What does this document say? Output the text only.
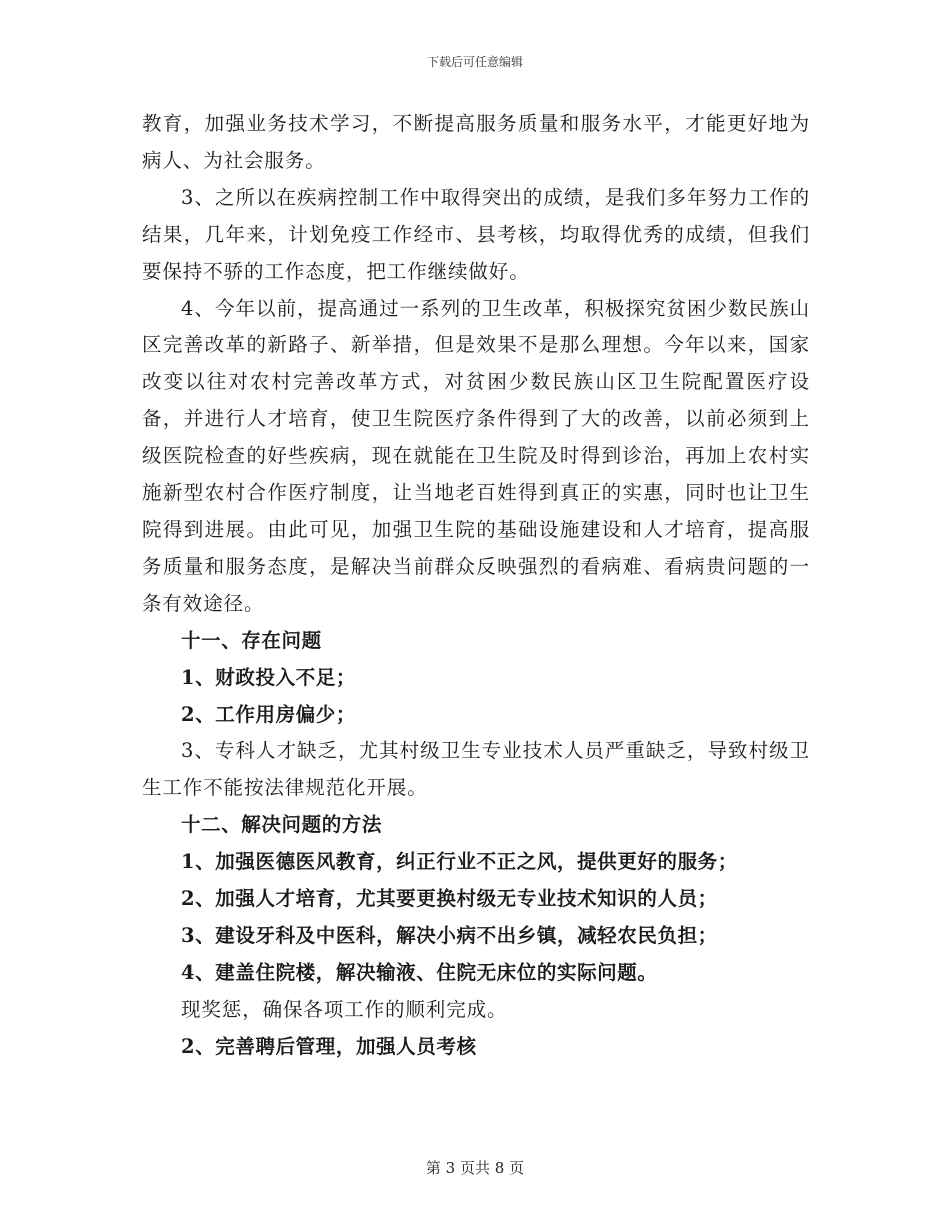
下载后可任意编辑

教育，加强业务技术学习，不断提高服务质量和服务水平，才能更好地为病人、为社会服务。

3、之所以在疾病控制工作中取得突出的成绩，是我们多年努力工作的结果，几年来，计划免疫工作经市、县考核，均取得优秀的成绩，但我们要保持不骄的工作态度，把工作继续做好。

4、今年以前，提高通过一系列的卫生改革，积极探究贫困少数民族山区完善改革的新路子、新举措，但是效果不是那么理想。今年以来，国家改变以往对农村完善改革方式，对贫困少数民族山区卫生院配置医疗设备，并进行人才培育，使卫生院医疗条件得到了大的改善，以前必须到上级医院检查的好些疾病，现在就能在卫生院及时得到诊治，再加上农村实施新型农村合作医疗制度，让当地老百姓得到真正的实惠，同时也让卫生院得到进展。由此可见，加强卫生院的基础设施建设和人才培育，提高服务质量和服务态度，是解决当前群众反映强烈的看病难、看病贵问题的一条有效途径。

十一、存在问题

1、财政投入不足；

2、工作用房偏少；

3、专科人才缺乏，尤其村级卫生专业技术人员严重缺乏，导致村级卫生工作不能按法律规范化开展。

十二、解决问题的方法

1、加强医德医风教育，纠正行业不正之风，提供更好的服务；

2、加强人才培育，尤其要更换村级无专业技术知识的人员；

3、建设牙科及中医科，解决小病不出乡镇，减轻农民负担；

4、建盖住院楼，解决输液、住院无床位的实际问题。

现奖惩，确保各项工作的顺利完成。

2、完善聘后管理，加强人员考核

第 3 页共 8 页
